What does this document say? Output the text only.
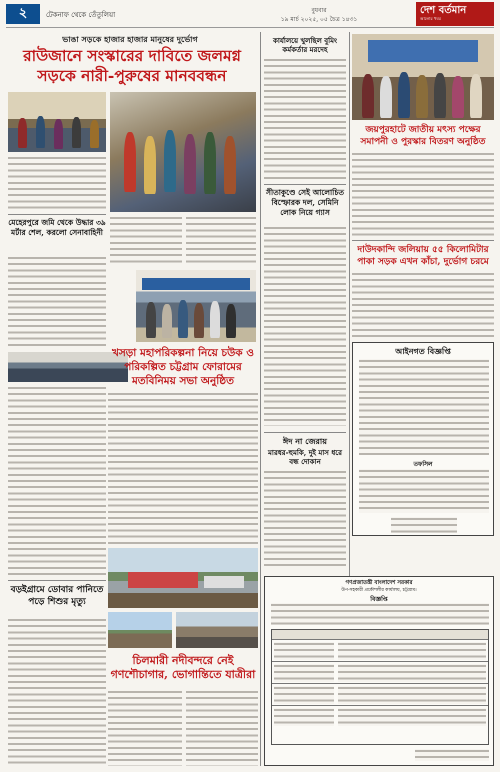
২	টেকনাফ থেকে তেঁতুলিয়া
বুধবার
১৯ মার্চ ২০২৫, ০৫ চৈত্র ১৪৩১
দেশ বর্তমান
আলোর খবর
ভাঙা সড়কে হাজার হাজার মানুষের দুর্ভোগ
রাউজানে সংস্কারের দাবিতে জলমগ্ন সড়কে নারী-পুরুষের মানববন্ধন
মেহেরপুরে জমি থেকে উদ্ধার ৩৯ মর্টার শেল, করলো সেনাবাহিনী
খসড়া মহাপরিকল্পনা নিয়ে চউক ও পরিকল্পিত চট্টগ্রাম ফোরামের মতবিনিময় সভা অনুষ্ঠিত
বড়ইগ্রামে ডোবার পানিতে পড়ে শিশুর মৃত্যু
চিলমারী নদীবন্দরে নেই গণশৌচাগার, ভোগান্তিতে যাত্রীরা
কার্যালয়ে খুলছিল বুমিং কর্মকর্তার মরদেহ
সীতাকুণ্ডে সেই আলোচিত বিস্ফোরক দল, সেমিনি লোক নিয়ে গ্যাস
ঈদ না জেরায়
মারধর-হুমকি, দুই মাস ধরে বন্ধ দোকান
জয়পুরহাটে জাতীয় মৎস্য পক্ষের সমাপনী ও পুরস্কার বিতরণ অনুষ্ঠিত
দাউদকান্দি জলিয়ায় ৫৫ কিলোমিটার পাকা সড়ক এখন কাঁচা, দুর্ভোগ চরমে
আইনগত বিজ্ঞপ্তি
তফসিল
গণপ্রজাতন্ত্রী বাংলাদেশ সরকার
উপ-সহকারী প্রকৌশলীর কার্যালয়, চট্টগ্রাম।
বিজ্ঞপ্তি
